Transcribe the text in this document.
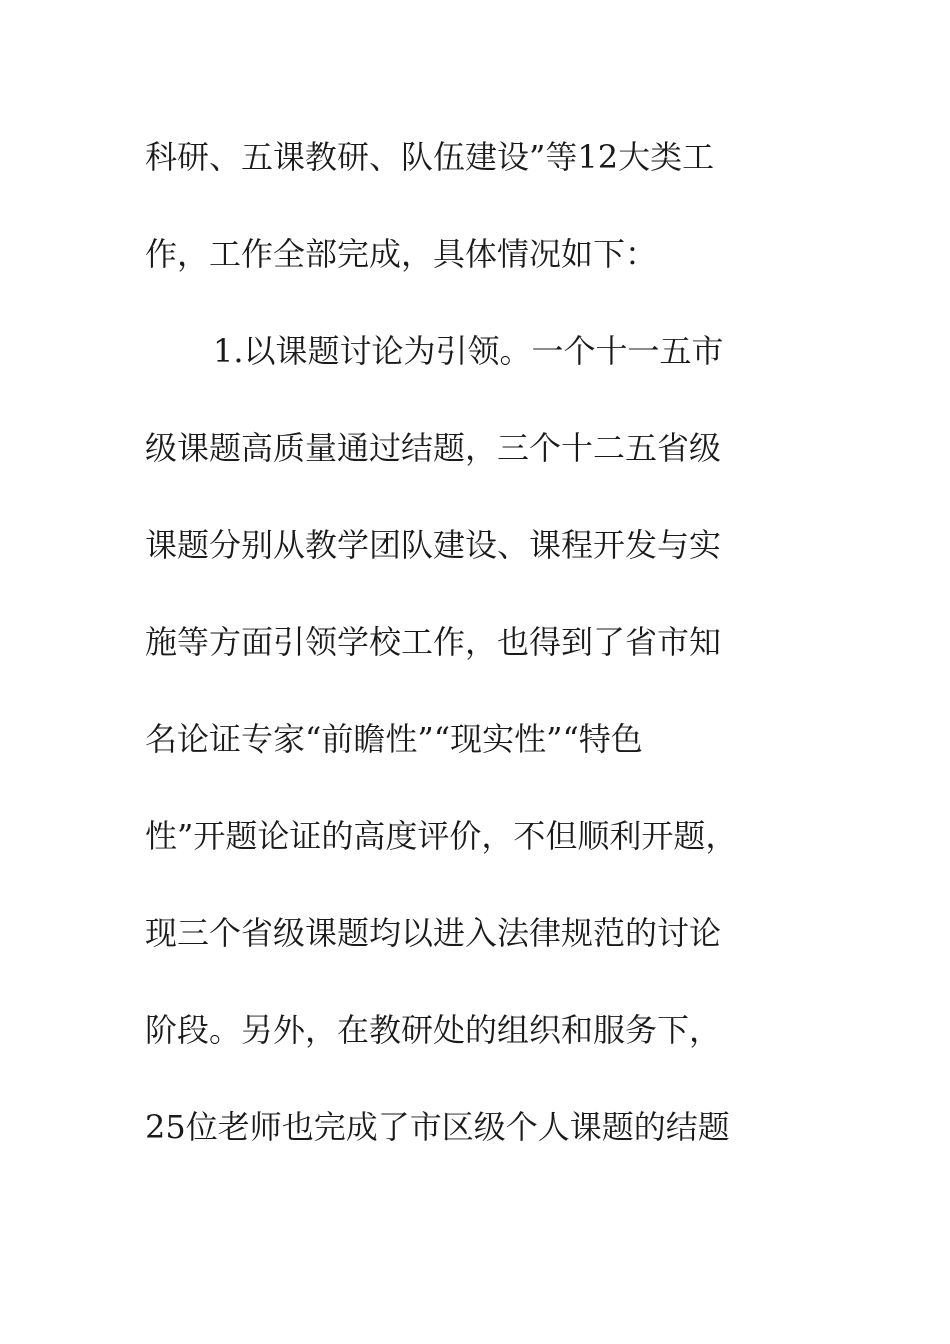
科研、五课教研、队伍建设”等12大类工
作，工作全部完成，具体情况如下：
1.以课题讨论为引领。一个十一五市
级课题高质量通过结题，三个十二五省级
课题分别从教学团队建设、课程开发与实
施等方面引领学校工作，也得到了省市知
名论证专家“前瞻性”“现实性”“特色
性”开题论证的高度评价，不但顺利开题，
现三个省级课题均以进入法律规范的讨论
阶段。另外，在教研处的组织和服务下，
25位老师也完成了市区级个人课题的结题
